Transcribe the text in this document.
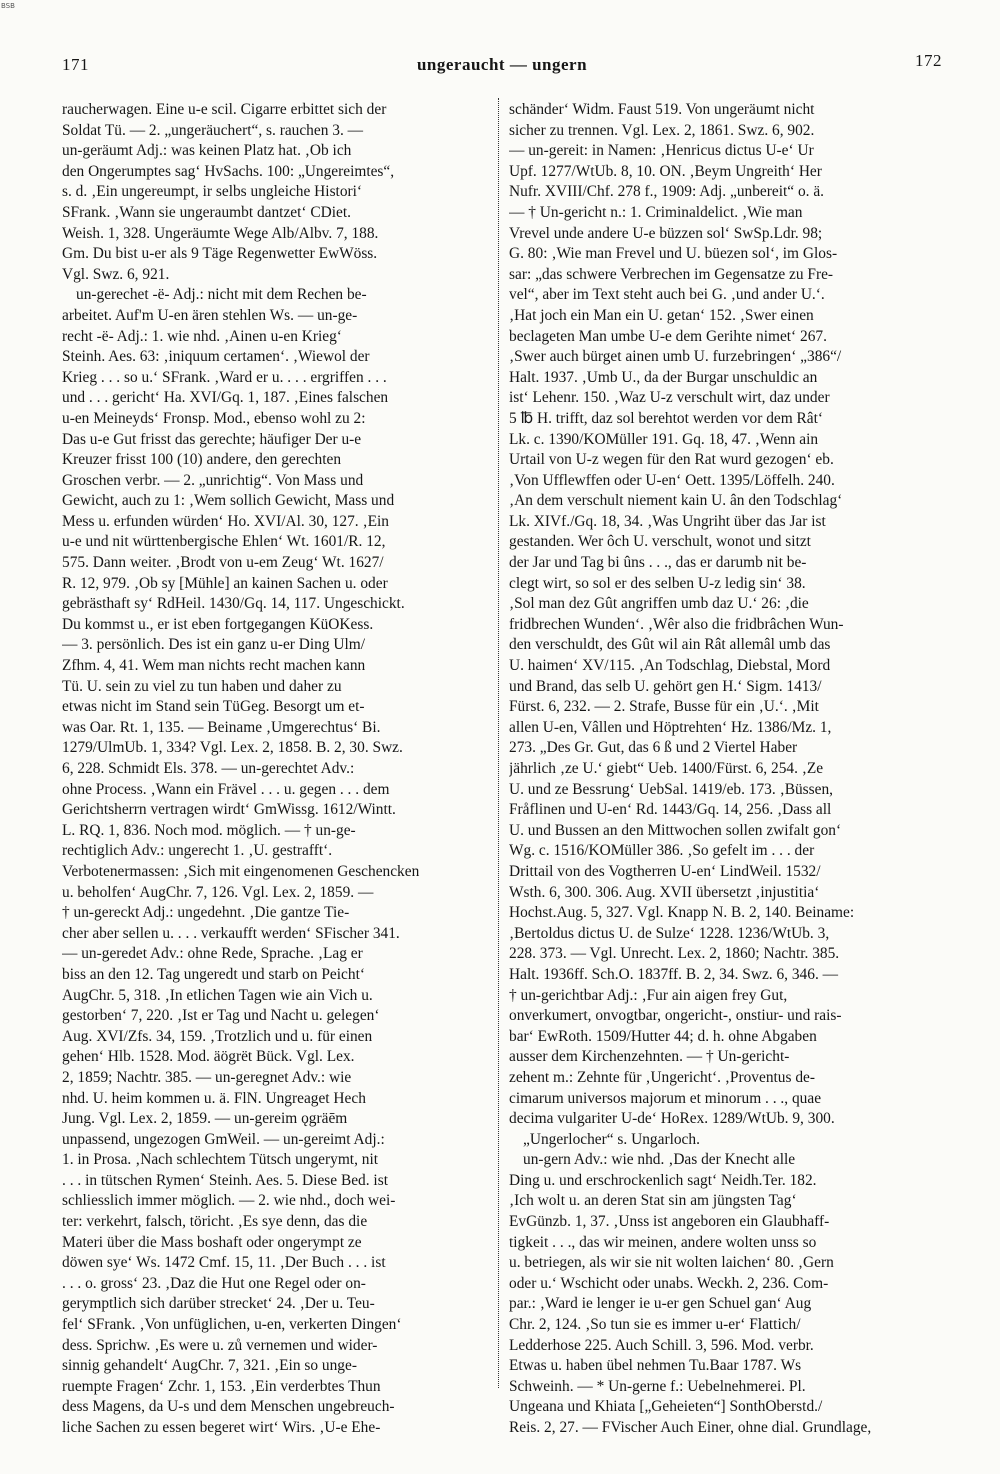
BSB
171	ungeraucht — ungern	172
raucherwagen. Eine u-e scil. Cigarre erbittet sich der
Soldat Tü. — 2. „ungeräuchert“, s. rauchen 3. —
un-geräumt Adj.: was keinen Platz hat. ‚Ob ich
den Ongerumptes sag‘ HvSachs. 100: „Ungereimtes“,
s. d. ‚Ein ungereumpt, ir selbs ungleiche Histori‘
SFrank. ‚Wann sie ungeraumbt dantzet‘ CDiet.
Weish. 1, 328. Ungeräumte Wege Alb/Albv. 7, 188.
Gm. Du bist u-er als 9 Täge Regenwetter EwWöss.
Vgl. Swz. 6, 921.
un-gerechet -ë- Adj.: nicht mit dem Rechen be-
arbeitet. Auf'm U-en ären stehlen Ws. — un-ge-
recht -ë- Adj.: 1. wie nhd. ‚Ainen u-en Krieg‘
Steinh. Aes. 63: ‚iniquum certamen‘. ‚Wiewol der
Krieg . . . so u.‘ SFrank. ‚Ward er u. . . . ergriffen . . .
und . . . gericht‘ Ha. XVI/Gq. 1, 187. ‚Eines falschen
u-en Meineyds‘ Fronsp. Mod., ebenso wohl zu 2:
Das u-e Gut frisst das gerechte; häufiger Der u-e
Kreuzer frisst 100 (10) andere, den gerechten
Groschen verbr. — 2. „unrichtig“. Von Mass und
Gewicht, auch zu 1: ‚Wem sollich Gewicht, Mass und
Mess u. erfunden würden‘ Ho. XVI/Al. 30, 127. ‚Ein
u-e und nit württenbergische Ehlen‘ Wt. 1601/R. 12,
575. Dann weiter. ‚Brodt von u-em Zeug‘ Wt. 1627/
R. 12, 979. ‚Ob sy [Mühle] an kainen Sachen u. oder
gebrästhaft sy‘ RdHeil. 1430/Gq. 14, 117. Ungeschickt.
Du kommst u., er ist eben fortgegangen KüOKess.
— 3. persönlich. Des ist ein ganz u-er Ding Ulm/
Zfhm. 4, 41. Wem man nichts recht machen kann
Tü. U. sein zu viel zu tun haben und daher zu
etwas nicht im Stand sein TüGeg. Besorgt um et-
was Oar. Rt. 1, 135. — Beiname ‚Umgerechtus‘ Bi.
1279/UlmUb. 1, 334? Vgl. Lex. 2, 1858. B. 2, 30. Swz.
6, 228. Schmidt Els. 378. — un-gerechtet Adv.:
ohne Process. ‚Wann ein Frävel . . . u. gegen . . . dem
Gerichtsherrn vertragen wirdt‘ GmWissg. 1612/Wintt.
L. RQ. 1, 836. Noch mod. möglich. — † un-ge-
rechtiglich Adv.: ungerecht 1. ‚U. gestrafft‘.
Verbotenermassen: ‚Sich mit eingenomenen Geschencken
u. beholfen‘ AugChr. 7, 126. Vgl. Lex. 2, 1859. —
† un-gereckt Adj.: ungedehnt. ‚Die gantze Tie-
cher aber sellen u. . . . verkaufft werden‘ SFischer 341.
— un-geredet Adv.: ohne Rede, Sprache. ‚Lag er
biss an den 12. Tag ungeredt und starb on Peicht‘
AugChr. 5, 318. ‚In etlichen Tagen wie ain Vich u.
gestorben‘ 7, 220. ‚Ist er Tag und Nacht u. gelegen‘
Aug. XVI/Zfs. 34, 159. ‚Trotzlich und u. für einen
gehen‘ Hlb. 1528. Mod. äögrët Bück. Vgl. Lex.
2, 1859; Nachtr. 385. — un-geregnet Adv.: wie
nhd. U. heim kommen u. ä. FlN. Ungreaget Hech
Jung. Vgl. Lex. 2, 1859. — un-gereim ǫgräēm
unpassend, ungezogen GmWeil. — un-gereimt Adj.:
1. in Prosa. ‚Nach schlechtem Tütsch ungerymt, nit
. . . in tütschen Rymen‘ Steinh. Aes. 5. Diese Bed. ist
schliesslich immer möglich. — 2. wie nhd., doch wei-
ter: verkehrt, falsch, töricht. ‚Es sye denn, das die
Materi über die Mass boshaft oder ongerympt ze
döwen sye‘ Ws. 1472 Cmf. 15, 11. ‚Der Buch . . . ist
. . . o. gross‘ 23. ‚Daz die Hut one Regel oder on-
gerymptlich sich darüber strecket‘ 24. ‚Der u. Teu-
fel‘ SFrank. ‚Von unfüglichen, u-en, verkerten Dingen‘
dess. Sprichw. ‚Es were u. zů vernemen und wider-
sinnig gehandelt‘ AugChr. 7, 321. ‚Ein so unge-
ruempte Fragen‘ Zchr. 1, 153. ‚Ein verderbtes Thun
dess Magens, da U-s und dem Menschen ungebreuch-
liche Sachen zu essen begeret wirt‘ Wirs. ‚U-e Ehe-
schänder‘ Widm. Faust 519. Von ungeräumt nicht
sicher zu trennen. Vgl. Lex. 2, 1861. Swz. 6, 902.
— un-gereit: in Namen: ‚Henricus dictus U-e‘ Ur
Upf. 1277/WtUb. 8, 10. ON. ‚Beym Ungreith‘ Her
Nufr. XVIII/Chf. 278 f., 1909: Adj. „unbereit“ o. ä.
— † Un-gericht n.: 1. Criminaldelict. ‚Wie man
Vrevel unde andere U-e büzzen sol‘ SwSp.Ldr. 98;
G. 80: ‚Wie man Frevel und U. büezen sol‘, im Glos-
sar: „das schwere Verbrechen im Gegensatze zu Fre-
vel“, aber im Text steht auch bei G. ‚und ander U.‘.
‚Hat joch ein Man ein U. getan‘ 152. ‚Swer einen
beclageten Man umbe U-e dem Gerihte nimet‘ 267.
‚Swer auch bürget ainen umb U. furzebringen‘ „386“/
Halt. 1937. ‚Umb U., da der Burgar unschuldic an
ist‘ Lehenr. 150. ‚Waz U-z verschult wirt, daz under
5 ℔ H. trifft, daz sol berehtot werden vor dem Rât‘
Lk. c. 1390/KOMüller 191. Gq. 18, 47. ‚Wenn ain
Urtail von U-z wegen für den Rat wurd gezogen‘ eb.
‚Von Ufflewffen oder U-en‘ Oett. 1395/Löffelh. 240.
‚An dem verschult niement kain U. ân den Todschlag‘
Lk. XIVf./Gq. 18, 34. ‚Was Ungriht über das Jar ist
gestanden. Wer ôch U. verschult, wonot und sitzt
der Jar und Tag bi ûns . . ., das er darumb nit be-
clegt wirt, so sol er des selben U-z ledig sin‘ 38.
‚Sol man dez Gût angriffen umb daz U.‘ 26: ‚die
fridbrechen Wunden‘. ‚Wêr also die fridbrâchen Wun-
den verschuldt, des Gût wil ain Rât allemâl umb das
U. haimen‘ XV/115. ‚An Todschlag, Diebstal, Mord
und Brand, das selb U. gehört gen H.‘ Sigm. 1413/
Fürst. 6, 232. — 2. Strafe, Busse für ein ‚U.‘. ‚Mit
allen U-en, Vâllen und Höptrehten‘ Hz. 1386/Mz. 1,
273. „Des Gr. Gut, das 6 ß und 2 Viertel Haber
jährlich ‚ze U.‘ giebt“ Ueb. 1400/Fürst. 6, 254. ‚Ze
U. und ze Bessrung‘ UebSal. 1419/eb. 173. ‚Büssen,
Fråflinen und U-en‘ Rd. 1443/Gq. 14, 256. ‚Dass all
U. und Bussen an den Mittwochen sollen zwifalt gon‘
Wg. c. 1516/KOMüller 386. ‚So gefelt im . . . der
Drittail von des Vogtherren U-en‘ LindWeil. 1532/
Wsth. 6, 300. 306. Aug. XVII übersetzt ‚injustitia‘
Hochst.Aug. 5, 327. Vgl. Knapp N. B. 2, 140. Beiname:
‚Bertoldus dictus U. de Sulze‘ 1228. 1236/WtUb. 3,
228. 373. — Vgl. Unrecht. Lex. 2, 1860; Nachtr. 385.
Halt. 1936ff. Sch.O. 1837ff. B. 2, 34. Swz. 6, 346. —
† un-gerichtbar Adj.: ‚Fur ain aigen frey Gut,
onverkumert, onvogtbar, ongericht-, onstiur- und rais-
bar‘ EwRoth. 1509/Hutter 44; d. h. ohne Abgaben
ausser dem Kirchenzehnten. — † Un-gericht-
zehent m.: Zehnte für ‚Ungericht‘. ‚Proventus de-
cimarum universos majorum et minorum . . ., quae
decima vulgariter U-de‘ HoRex. 1289/WtUb. 9, 300.
„Ungerlocher“ s. Ungarloch.
un-gern Adv.: wie nhd. ‚Das der Knecht alle
Ding u. und erschrockenlich sagt‘ Neidh.Ter. 182.
‚Ich wolt u. an deren Stat sin am jüngsten Tag‘
EvGünzb. 1, 37. ‚Unss ist angeboren ein Glaubhaff-
tigkeit . . ., das wir meinen, andere wolten unss so
u. betriegen, als wir sie nit wolten laichen‘ 80. ‚Gern
oder u.‘ Wschicht oder unabs. Weckh. 2, 236. Com-
par.: ‚Ward ie lenger ie u-er gen Schuel gan‘ Aug
Chr. 2, 124. ‚So tun sie es immer u-er‘ Flattich/
Ledderhose 225. Auch Schill. 3, 596. Mod. verbr.
Etwas u. haben übel nehmen Tu.Baar 1787. Ws
Schweinh. — * Un-gerne f.: Uebelnehmerei. Pl.
Ungeana und Khiata [„Geheieten“] SonthOberstd./
Reis. 2, 27. — FVischer Auch Einer, ohne dial. Grundlage,
